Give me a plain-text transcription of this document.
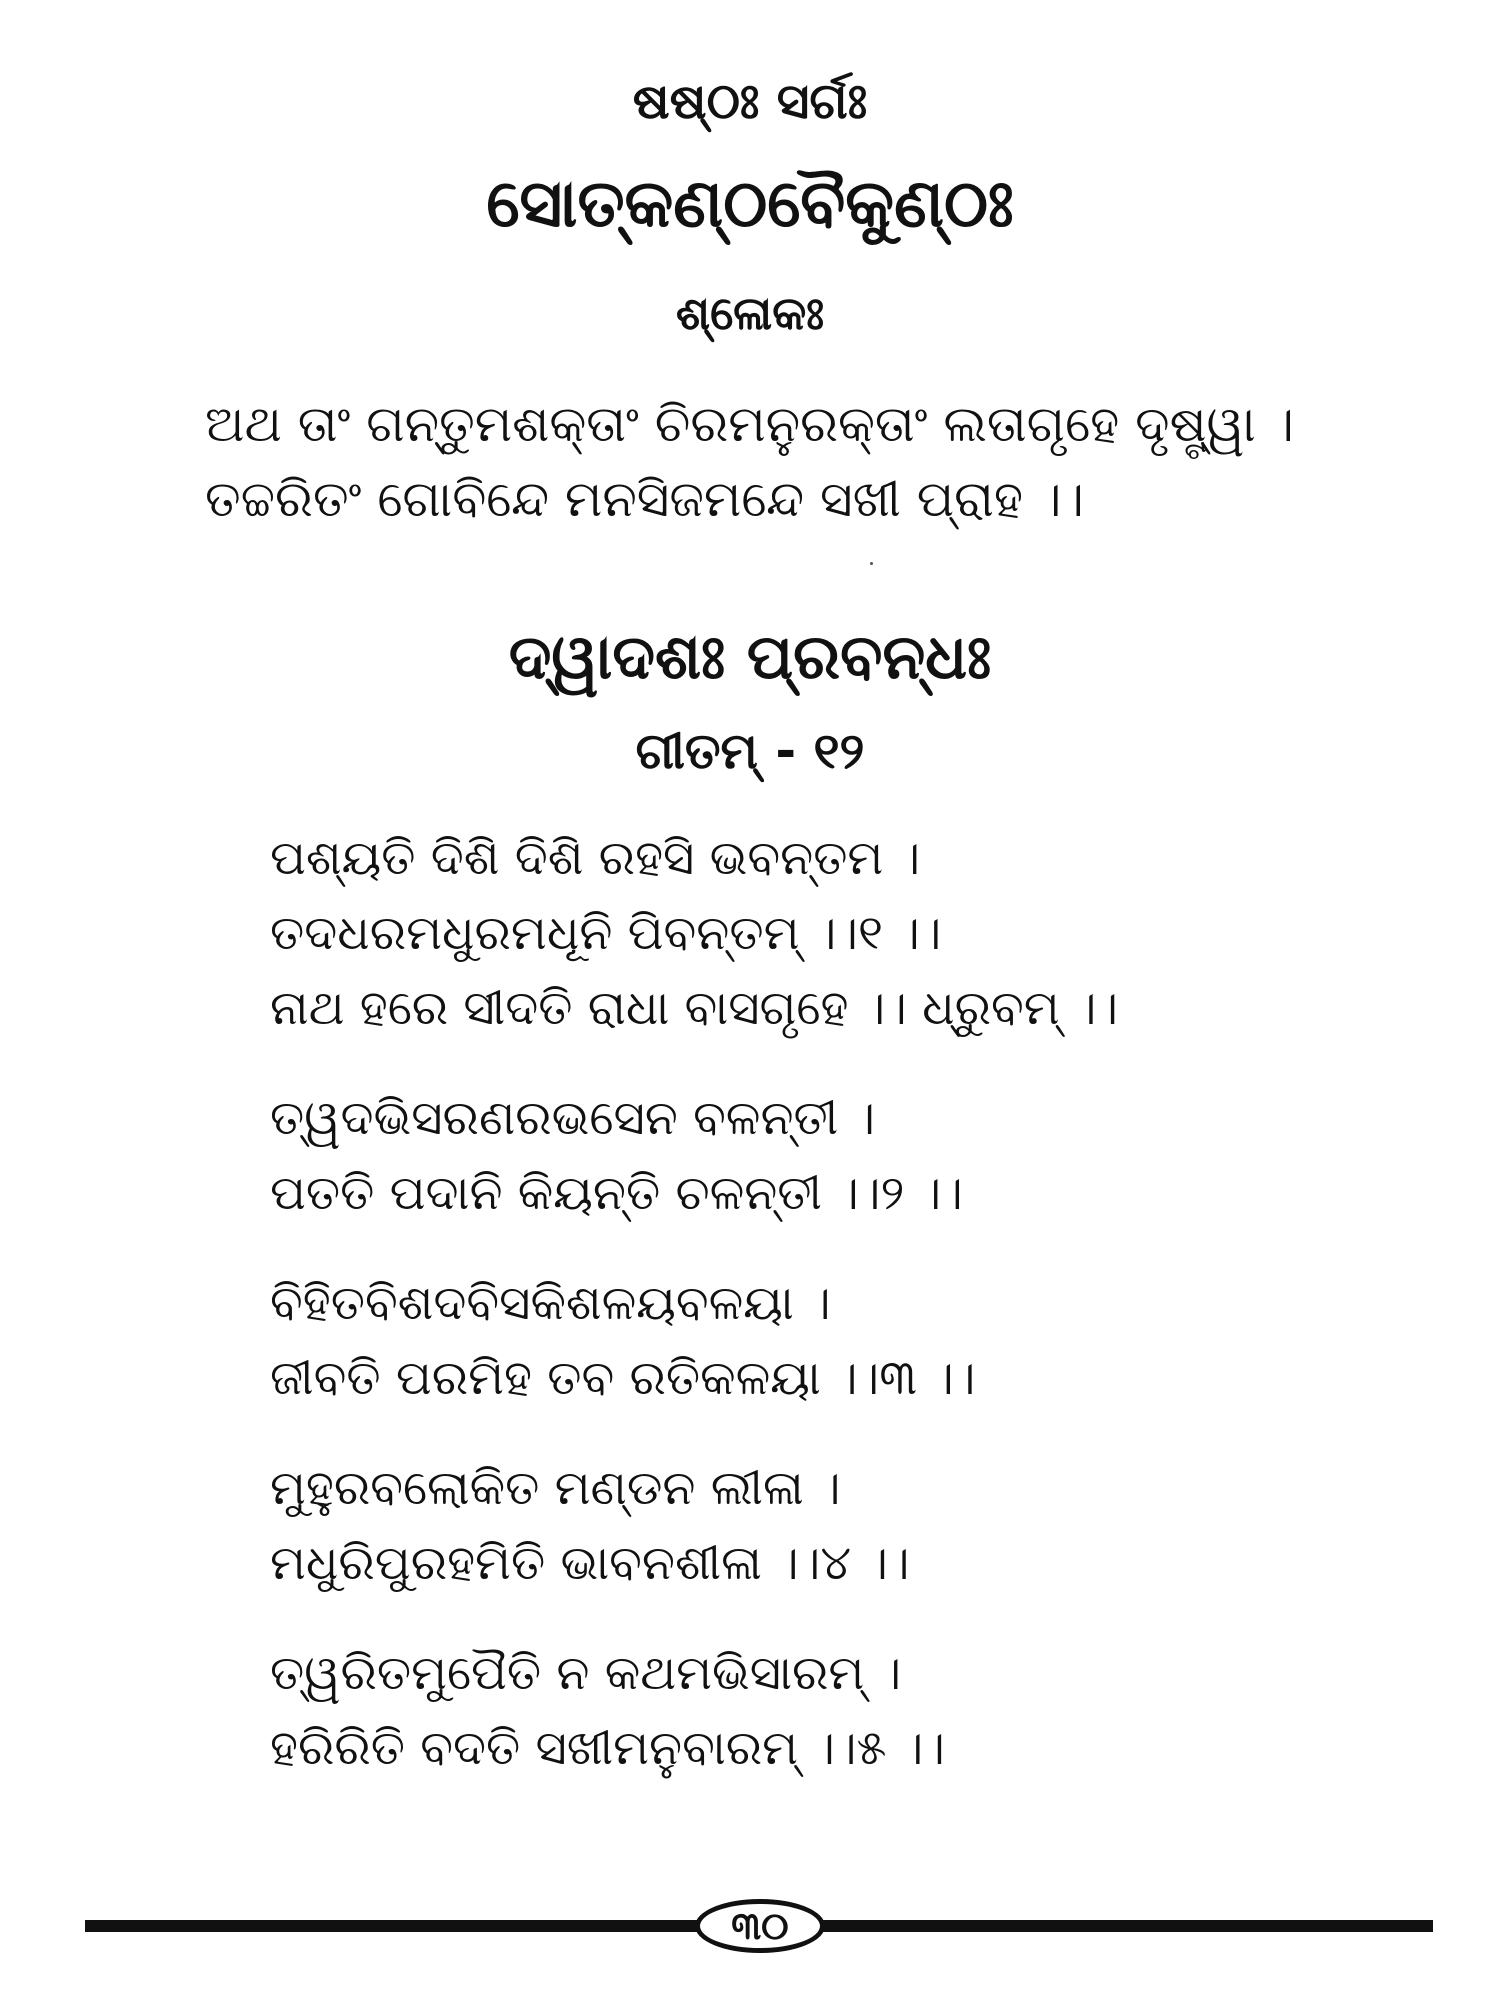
ଷଷ୍ଠଃ ସର୍ଗଃ
ସୋତ୍କଣ୍ଠବୈକୁଣ୍ଠଃ
ଶ୍ଳୋକଃ
ଅଥ ତାଂ ଗନ୍ତୁମଶକ୍ତାଂ ଚିରମନୁରକ୍ତାଂ ଲତାଗୃହେ ଦୃଷ୍ଟ୍ୱା ।
ତଚ୍ଚରିତଂ ଗୋବିନ୍ଦେ ମନସିଜମନ୍ଦେ ସଖୀ ପ୍ରାହ ।।
ଦ୍ୱାଦଶଃ ପ୍ରବନ୍ଧଃ
ଗୀତମ୍ - ୧୨
ପଶ୍ୟତି ଦିଶି ଦିଶି ରହସି ଭବନ୍ତମ ।
ତଦଧରମଧୁରମଧୂନି ପିବନ୍ତମ୍ ।।୧ ।।
ନାଥ ହରେ ସୀଦତି ରାଧା ବାସଗୃହେ ।। ଧ୍ରୁବମ୍ ।।
ତ୍ୱଦଭିସରଣରଭସେନ ବଳନ୍ତୀ ।
ପତତି ପଦାନି କିୟନ୍ତି ଚଳନ୍ତୀ ।।୨ ।।
ବିହିତବିଶଦବିସକିଶଳୟବଳୟା ।
ଜୀବତି ପରମିହ ତବ ରତିକଳୟା ।।୩ ।।
ମୁହୁରବଲୋକିତ ମଣ୍ଡନ ଲୀଳା ।
ମଧୁରିପୁରହମିତି ଭାବନଶୀଳା ।।୪ ।।
ତ୍ୱରିତମୁପୈତି ନ କଥମଭିସାରମ୍ ।
ହରିରିତି ବଦତି ସଖୀମନୁବାରମ୍ ।।୫ ।।
୩୦
